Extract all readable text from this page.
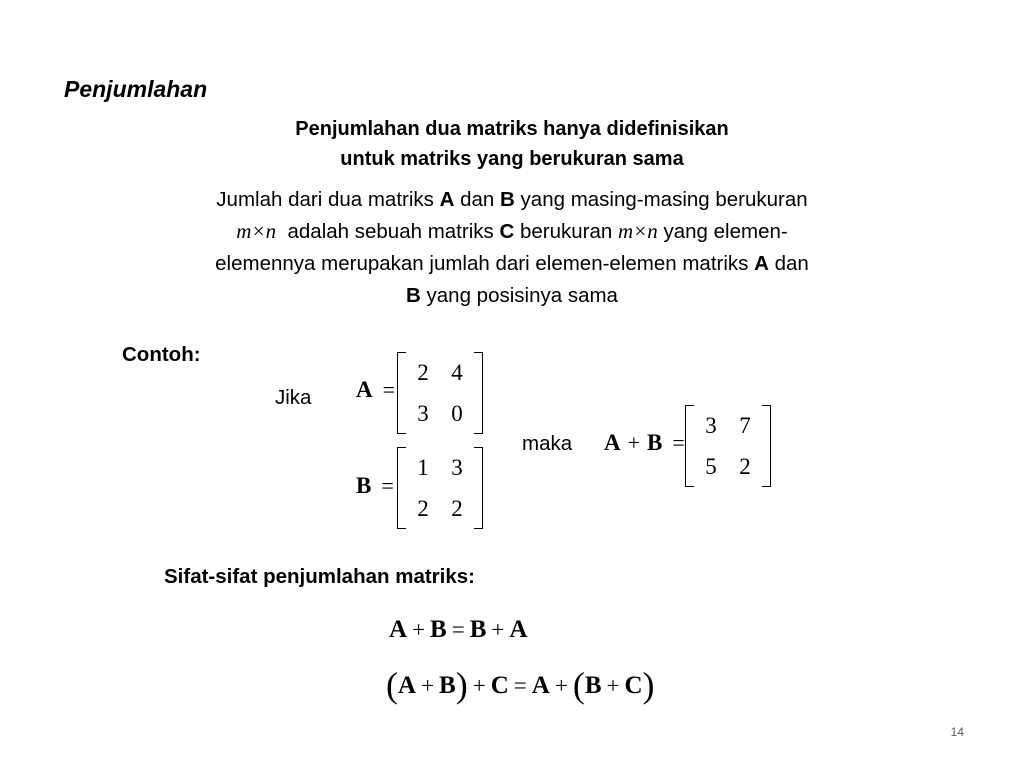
Penjumlahan
Penjumlahan dua matriks hanya didefinisikan
untuk matriks yang berukuran sama
Jumlah dari dua matriks A dan B yang masing-masing berukuran
m×n  adalah sebuah matriks C berukuran m×n yang elemen-
elemennya merupakan jumlah dari elemen-elemen matriks A dan
B yang posisinya sama
Contoh:
Jika A =
2 4
3 0
B =
1 3
2 2
maka A + B =
3 7
5 2
Sifat-sifat penjumlahan matriks:
A + B = B + A
(A + B) + C = A + (B + C)
14
